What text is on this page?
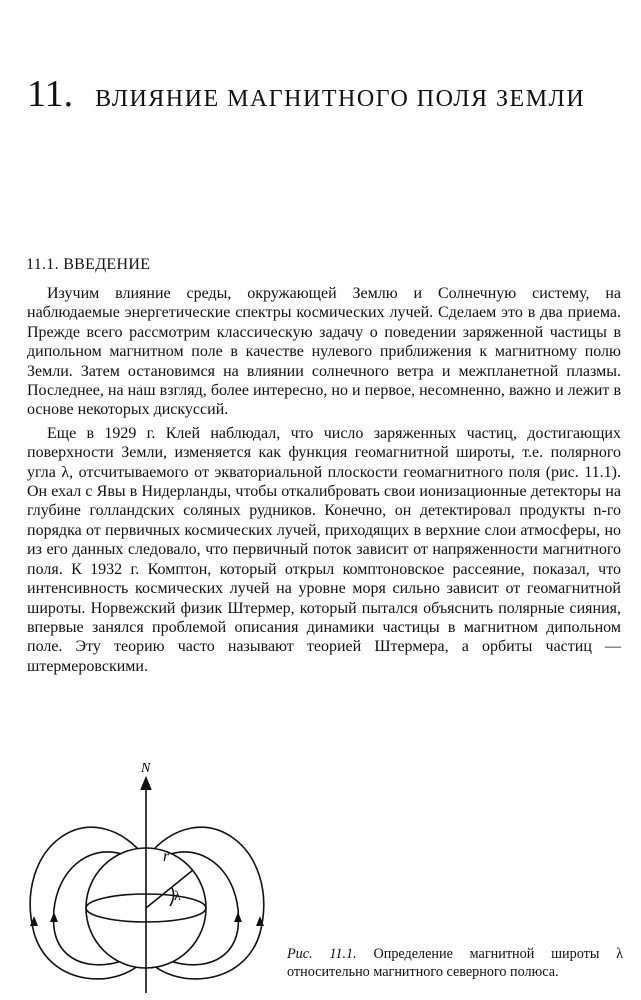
11. ВЛИЯНИЕ МАГНИТНОГО ПОЛЯ ЗЕМЛИ
11.1. ВВЕДЕНИЕ

Изучим влияние среды, окружающей Землю и Солнечную систему, на наблюдаемые энергетические спектры космических лучей. Сделаем это в два приема. Прежде всего рассмотрим классическую задачу о поведении заряженной частицы в дипольном магнитном поле в качестве нулевого приближения к магнитному полю Земли. Затем остановимся на влиянии солнечного ветра и межпланетной плазмы. Последнее, на наш взгляд, более интересно, но и первое, несомненно, важно и лежит в основе некоторых дискуссий.

Еще в 1929 г. Клей наблюдал, что число заряженных частиц, достигающих поверхности Земли, изменяется как функция геомагнитной широты, т.е. полярного угла λ, отсчитываемого от экваториальной плоскости геомагнитного поля (рис. 11.1). Он ехал с Явы в Нидерланды, чтобы откалибровать свои ионизационные детекторы на глубине голландских соляных рудников. Конечно, он детектировал продукты n-го порядка от первичных космических лучей, приходящих в верхние слои атмосферы, но из его данных следовало, что первичный поток зависит от напряженности магнитного поля. К 1932 г. Комптон, который открыл комптоновское рассеяние, показал, что интенсивность космических лучей на уровне моря сильно зависит от геомагнитной широты. Норвежский физик Штермер, который пытался объяснить полярные сияния, впервые занялся проблемой описания динамики частицы в магнитном дипольном поле. Эту теорию часто называют теорией Штермера, а орбиты частиц — штермеровскими.

N
r
λ
Рис. 11.1. Определение магнитной широты λ относительно магнитного северного полюса.
